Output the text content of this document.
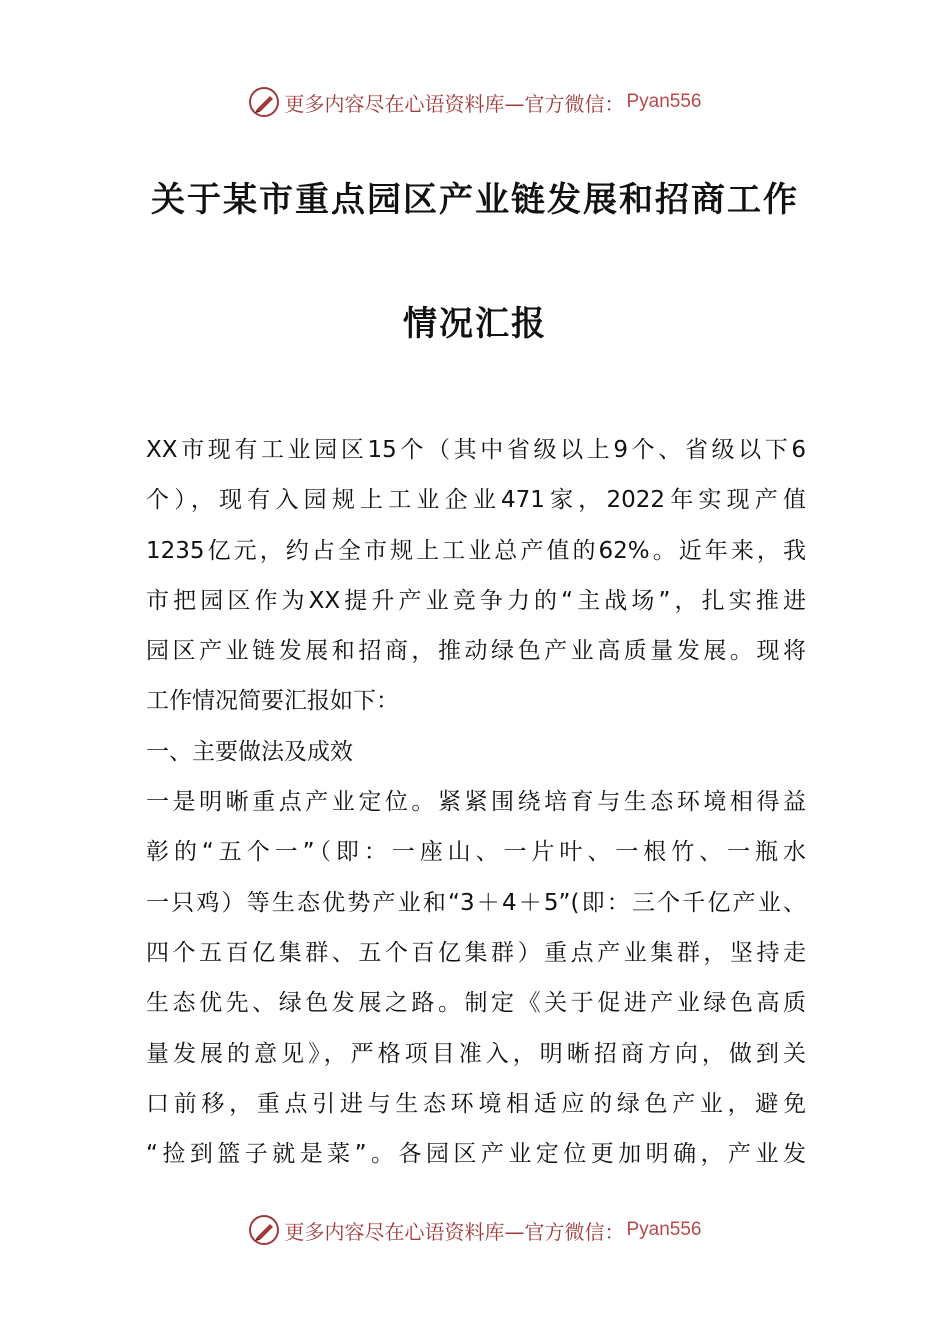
更多内容尽在心语资料库—官方微信： Pyan556
关于某市重点园区产业链发展和招商工作
情况汇报
XX市现有工业园区15个（其中省级以上9个、省级以下6
个），现有入园规上工业企业471家，2022年实现产值
1235亿元，约占全市规上工业总产值的62%。近年来，我
市把园区作为XX提升产业竞争力的“主战场”，扎实推进
园区产业链发展和招商，推动绿色产业高质量发展。现将
工作情况简要汇报如下：
一、主要做法及成效
一是明晰重点产业定位。紧紧围绕培育与生态环境相得益
彰的“五个一”（即：一座山、一片叶、一根竹、一瓶水
一只鸡）等生态优势产业和“3＋4＋5”(即：三个千亿产业、
四个五百亿集群、五个百亿集群）重点产业集群，坚持走
生态优先、绿色发展之路。制定《关于促进产业绿色高质
量发展的意见》，严格项目准入，明晰招商方向，做到关
口前移，重点引进与生态环境相适应的绿色产业，避免
“捡到篮子就是菜”。各园区产业定位更加明确，产业发
更多内容尽在心语资料库—官方微信： Pyan556
